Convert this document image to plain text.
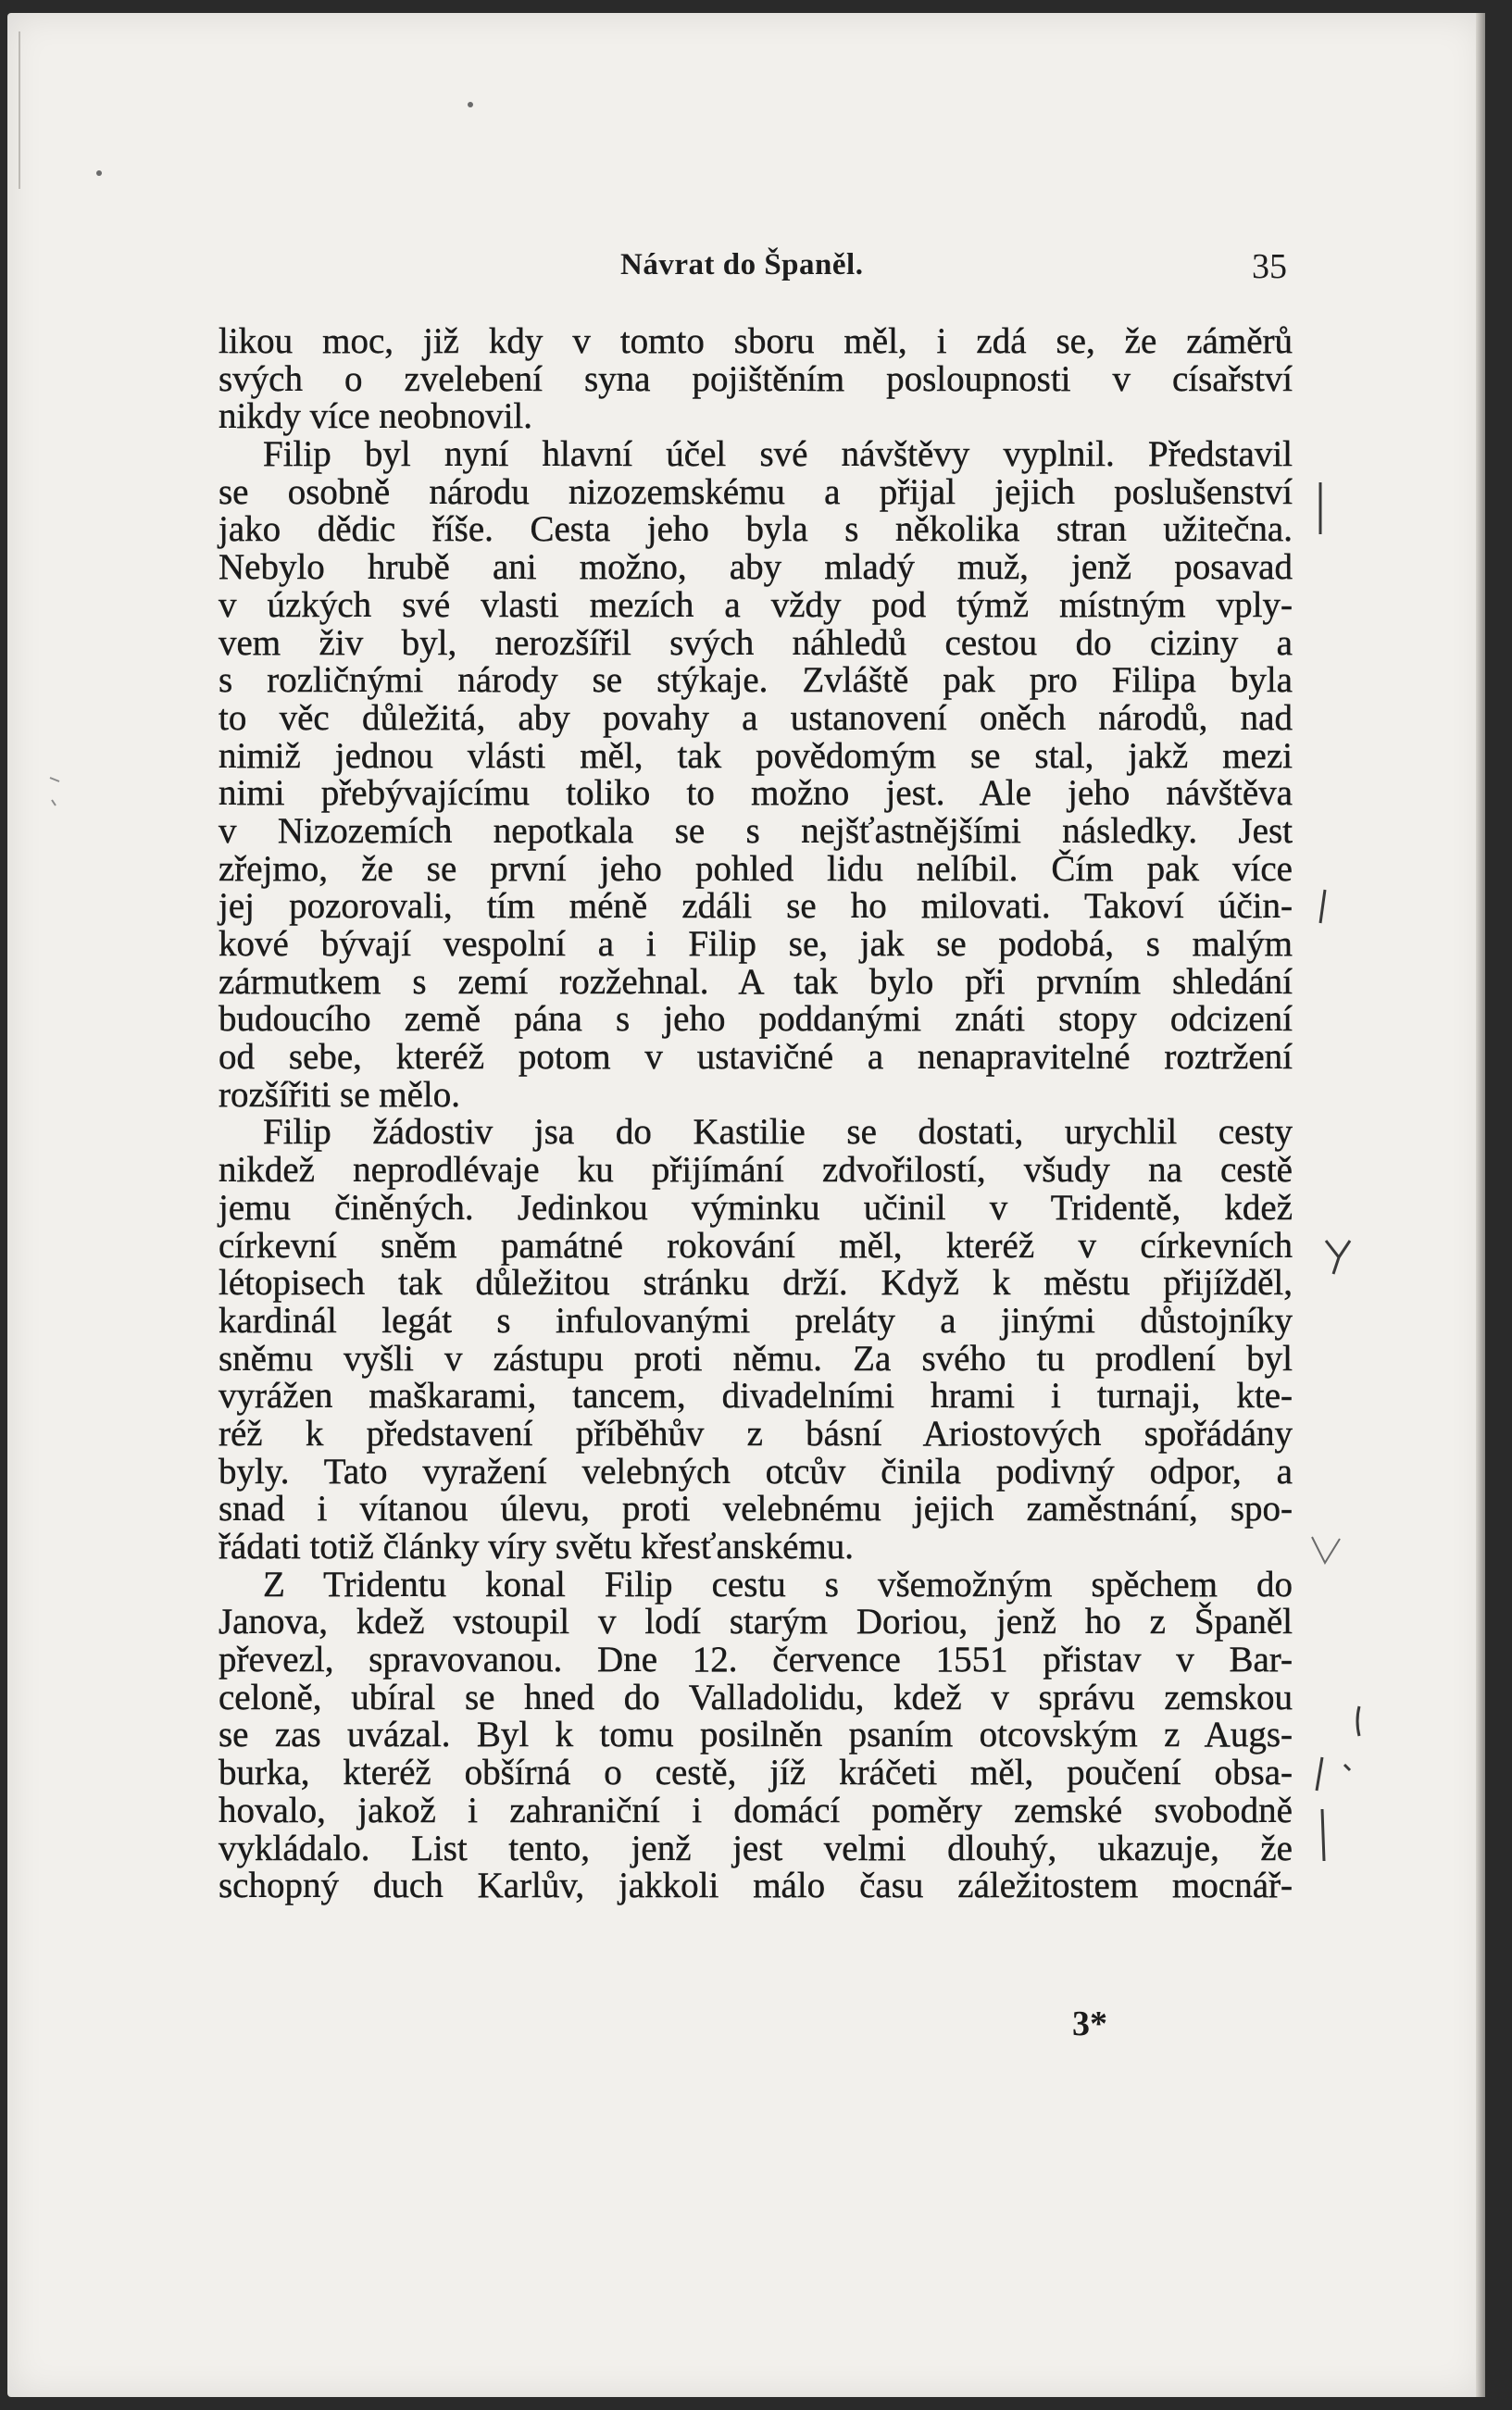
Návrat do Španěl.	35
likou moc, již kdy v tomto sboru měl, i zdá se, že záměrů
svých o zvelebení syna pojištěním posloupnosti v císařství
nikdy více neobnovil.
Filip byl nyní hlavní účel své návštěvy vyplnil. Představil
se osobně národu nizozemskému a přijal jejich poslušenství
jako dědic říše. Cesta jeho byla s několika stran užitečna.
Nebylo hrubě ani možno, aby mladý muž, jenž posavad
v úzkých své vlasti mezích a vždy pod týmž místným vply-
vem živ byl, nerozšířil svých náhledů cestou do ciziny a
s rozličnými národy se stýkaje. Zvláště pak pro Filipa byla
to věc důležitá, aby povahy a ustanovení oněch národů, nad
nimiž jednou vlásti měl, tak povědomým se stal, jakž mezi
nimi přebývajícímu toliko to možno jest. Ale jeho návštěva
v Nizozemích nepotkala se s nejšťastnějšími následky. Jest
zřejmo, že se první jeho pohled lidu nelíbil. Čím pak více
jej pozorovali, tím méně zdáli se ho milovati. Takoví účin-
kové bývají vespolní a i Filip se, jak se podobá, s malým
zármutkem s zemí rozžehnal. A tak bylo při prvním shledání
budoucího země pána s jeho poddanými znáti stopy odcizení
od sebe, kteréž potom v ustavičné a nenapravitelné roztržení
rozšířiti se mělo.
Filip žádostiv jsa do Kastilie se dostati, urychlil cesty
nikdež neprodlévaje ku přijímání zdvořilostí, všudy na cestě
jemu činěných. Jedinkou výminku učinil v Tridentě, kdež
církevní sněm památné rokování měl, kteréž v církevních
létopisech tak důležitou stránku drží. Když k městu přijížděl,
kardinál legát s infulovanými preláty a jinými důstojníky
sněmu vyšli v zástupu proti němu. Za svého tu prodlení byl
vyrážen maškarami, tancem, divadelními hrami i turnaji, kte-
réž k představení příběhův z básní Ariostových spořádány
byly. Tato vyražení velebných otcův činila podivný odpor, a
snad i vítanou úlevu, proti velebnému jejich zaměstnání, spo-
řádati totiž články víry světu křesťanskému.
Z Tridentu konal Filip cestu s všemožným spěchem do
Janova, kdež vstoupil v lodí starým Doriou, jenž ho z Španěl
převezl, spravovanou. Dne 12. července 1551 přistav v Bar-
celoně, ubíral se hned do Valladolidu, kdež v správu zemskou
se zas uvázal. Byl k tomu posilněn psaním otcovským z Augs-
burka, kteréž obšírná o cestě, jíž kráčeti měl, poučení obsa-
hovalo, jakož i zahraniční i domácí poměry zemské svobodně
vykládalo. List tento, jenž jest velmi dlouhý, ukazuje, že
schopný duch Karlův, jakkoli málo času záležitostem mocnář-
3*
